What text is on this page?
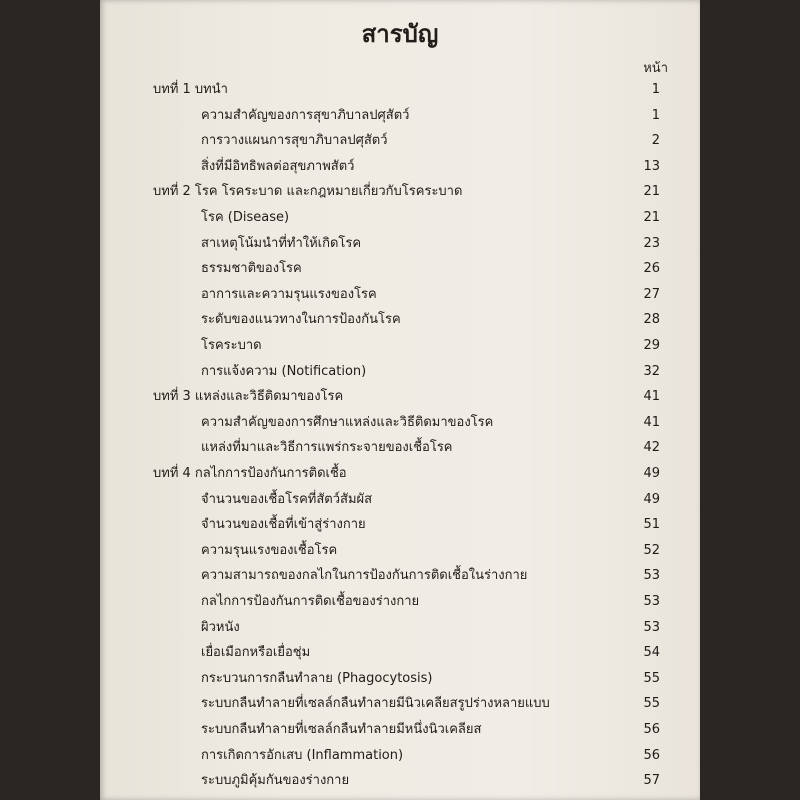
สารบัญ
หน้า
บทที่ 1 บทนำ	1
ความสำคัญของการสุขาภิบาลปศุสัตว์	1
การวางแผนการสุขาภิบาลปศุสัตว์	2
สิ่งที่มีอิทธิพลต่อสุขภาพสัตว์	13
บทที่ 2 โรค โรคระบาด และกฎหมายเกี่ยวกับโรคระบาด	21
โรค (Disease)	21
สาเหตุโน้มนำที่ทำให้เกิดโรค	23
ธรรมชาติของโรค	26
อาการและความรุนแรงของโรค	27
ระดับของแนวทางในการป้องกันโรค	28
โรคระบาด	29
การแจ้งความ (Notification)	32
บทที่ 3 แหล่งและวิธีติดมาของโรค	41
ความสำคัญของการศึกษาแหล่งและวิธีติดมาของโรค	41
แหล่งที่มาและวิธีการแพร่กระจายของเชื้อโรค	42
บทที่ 4 กลไกการป้องกันการติดเชื้อ	49
จำนวนของเชื้อโรคที่สัตว์สัมผัส	49
จำนวนของเชื้อที่เข้าสู่ร่างกาย	51
ความรุนแรงของเชื้อโรค	52
ความสามารถของกลไกในการป้องกันการติดเชื้อในร่างกาย	53
กลไกการป้องกันการติดเชื้อของร่างกาย	53
ผิวหนัง	53
เยื่อเมือกหรือเยื่อชุ่ม	54
กระบวนการกลืนทำลาย (Phagocytosis)	55
ระบบกลืนทำลายที่เซลล์กลืนทำลายมีนิวเคลียสรูปร่างหลายแบบ	55
ระบบกลืนทำลายที่เซลล์กลืนทำลายมีหนึ่งนิวเคลียส	56
การเกิดการอักเสบ (Inflammation)	56
ระบบภูมิคุ้มกันของร่างกาย	57
